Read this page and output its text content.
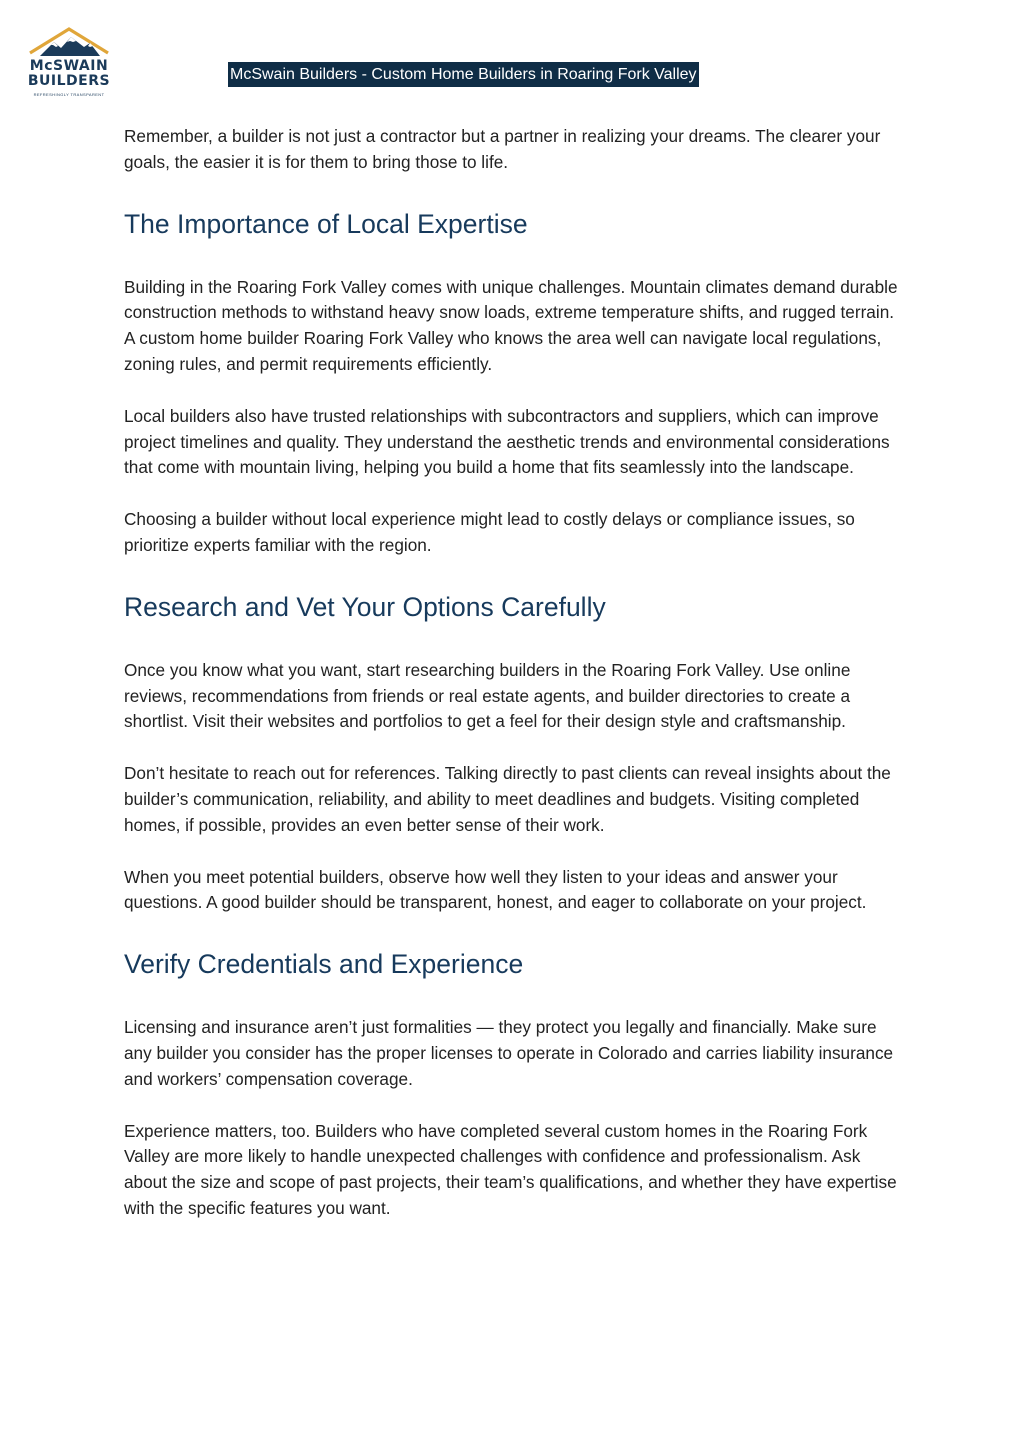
McSWAIN
BUILDERS
REFRESHINGLY TRANSPARENT
McSwain Builders - Custom Home Builders in Roaring Fork Valley

Remember, a builder is not just a contractor but a partner in realizing your dreams. The clearer your goals, the easier it is for them to bring those to life.

The Importance of Local Expertise

Building in the Roaring Fork Valley comes with unique challenges. Mountain climates demand durable construction methods to withstand heavy snow loads, extreme temperature shifts, and rugged terrain. A custom home builder Roaring Fork Valley who knows the area well can navigate local regulations, zoning rules, and permit requirements efficiently.

Local builders also have trusted relationships with subcontractors and suppliers, which can improve project timelines and quality. They understand the aesthetic trends and environmental considerations that come with mountain living, helping you build a home that fits seamlessly into the landscape.

Choosing a builder without local experience might lead to costly delays or compliance issues, so prioritize experts familiar with the region.

Research and Vet Your Options Carefully

Once you know what you want, start researching builders in the Roaring Fork Valley. Use online reviews, recommendations from friends or real estate agents, and builder directories to create a shortlist. Visit their websites and portfolios to get a feel for their design style and craftsmanship.

Don’t hesitate to reach out for references. Talking directly to past clients can reveal insights about the builder’s communication, reliability, and ability to meet deadlines and budgets. Visiting completed homes, if possible, provides an even better sense of their work.

When you meet potential builders, observe how well they listen to your ideas and answer your questions. A good builder should be transparent, honest, and eager to collaborate on your project.

Verify Credentials and Experience

Licensing and insurance aren’t just formalities — they protect you legally and financially. Make sure any builder you consider has the proper licenses to operate in Colorado and carries liability insurance and workers’ compensation coverage.

Experience matters, too. Builders who have completed several custom homes in the Roaring Fork Valley are more likely to handle unexpected challenges with confidence and professionalism. Ask about the size and scope of past projects, their team’s qualifications, and whether they have expertise with the specific features you want.
